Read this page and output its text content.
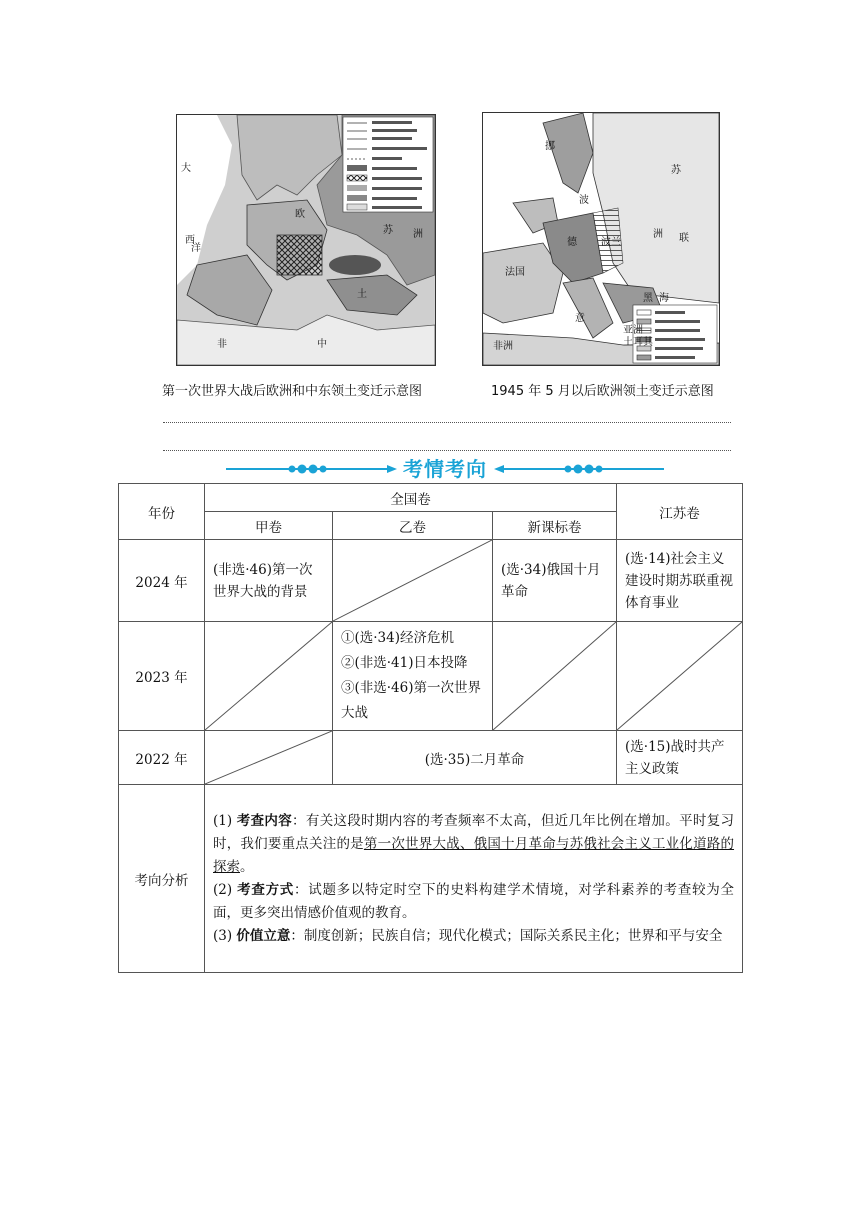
大
西
洋
欧
苏 洲
土
非	中
第一次世界大战后欧洲和中东领土变迁示意图
挪
苏
洲 联
德 波兰
法国
意
黑 海
亚洲
土耳其
非洲
波
1945 年 5 月以后欧洲领土变迁示意图
考情考向
年份	全国卷			江苏卷
	甲卷	乙卷	新课标卷	
2024 年	(非选·46)第一次世界大战的背景		(选·34)俄国十月革命	(选·14)社会主义建设时期苏联重视体育事业

2023 年		①(选·34)经济危机
②(非选·41)日本投降
③(非选·46)第一次世界大战

2022 年		(选·35)二月革命		(选·15)战时共产主义政策

考向分析	(1) 考查内容：有关这段时期内容的考查频率不太高，但近几年比例在增加。平时复习时，我们要重点关注的是第一次世界大战、俄国十月革命与苏俄社会主义工业化道路的探索。

(2) 考查方式：试题多以特定时空下的史料构建学术情境，对学科素养的考查较为全面，更多突出情感价值观的教育。

(3) 价值立意：制度创新；民族自信；现代化模式；国际关系民主化；世界和平与安全			
